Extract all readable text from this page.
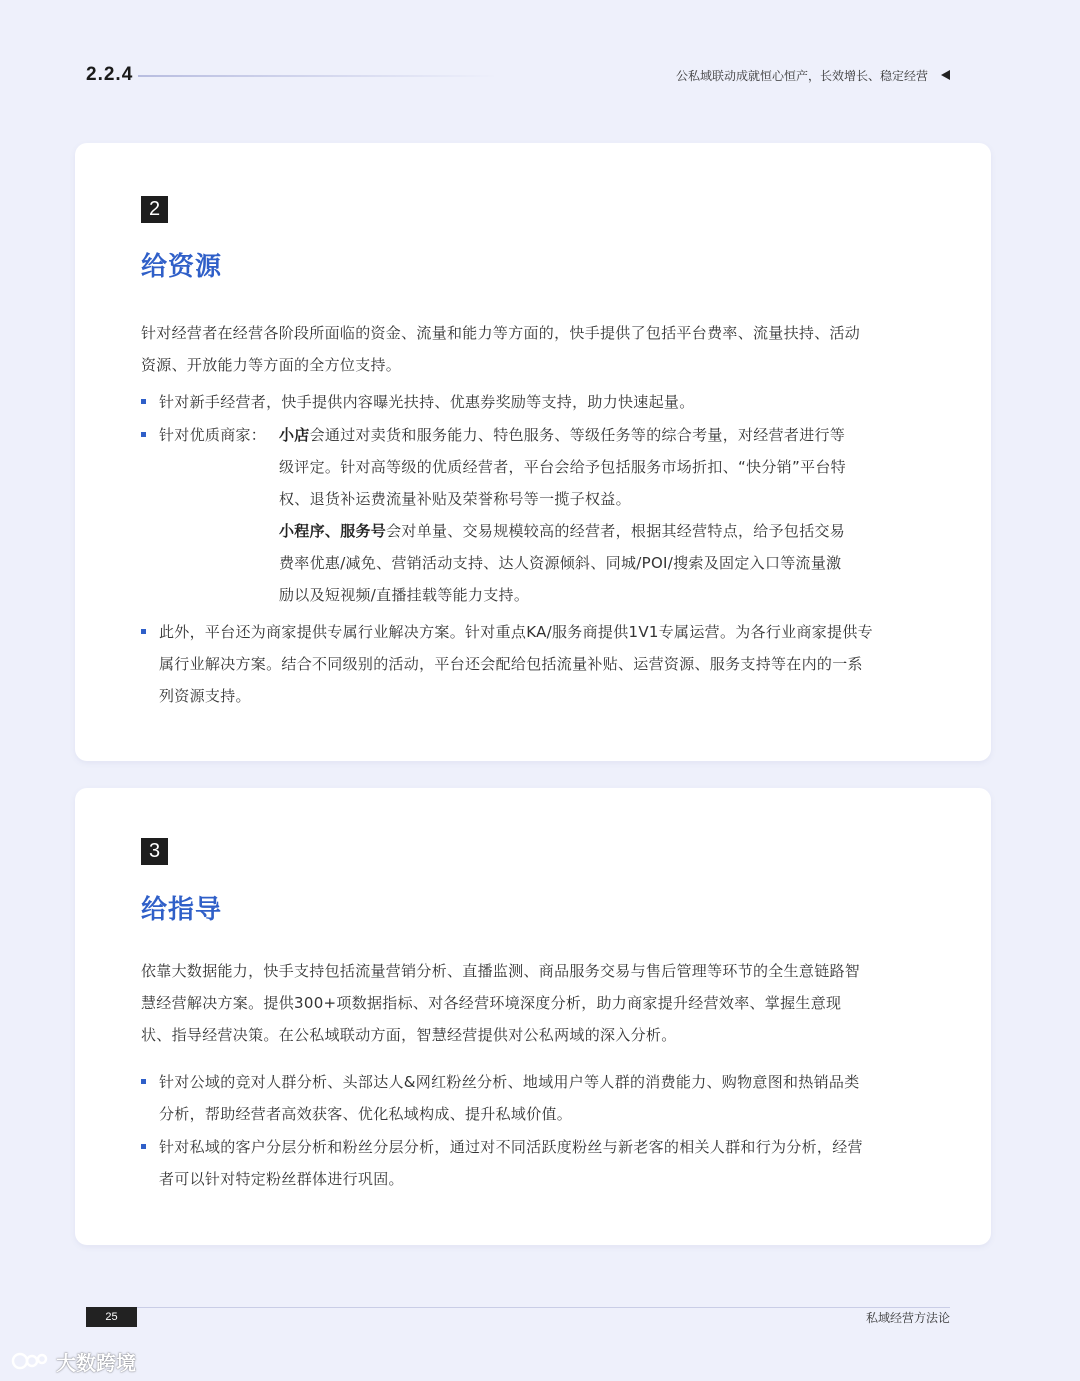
2.2.4	公私域联动成就恒心恒产，长效增长、稳定经营
2
给资源
针对经营者在经营各阶段所面临的资金、流量和能力等方面的，快手提供了包括平台费率、流量扶持、活动
资源、开放能力等方面的全方位支持。
针对新手经营者，快手提供内容曝光扶持、优惠券奖励等支持，助力快速起量。
针对优质商家： 小店会通过对卖货和服务能力、特色服务、等级任务等的综合考量，对经营者进行等
级评定。针对高等级的优质经营者，平台会给予包括服务市场折扣、“快分销”平台特
权、退货补运费流量补贴及荣誉称号等一揽子权益。
小程序、服务号会对单量、交易规模较高的经营者，根据其经营特点，给予包括交易
费率优惠/减免、营销活动支持、达人资源倾斜、同城/POI/搜索及固定入口等流量激
励以及短视频/直播挂载等能力支持。
此外，平台还为商家提供专属行业解决方案。针对重点KA/服务商提供1V1专属运营。为各行业商家提供专
属行业解决方案。结合不同级别的活动，平台还会配给包括流量补贴、运营资源、服务支持等在内的一系
列资源支持。
3
给指导
依靠大数据能力，快手支持包括流量营销分析、直播监测、商品服务交易与售后管理等环节的全生意链路智
慧经营解决方案。提供300+项数据指标、对各经营环境深度分析，助力商家提升经营效率、掌握生意现
状、指导经营决策。在公私域联动方面，智慧经营提供对公私两域的深入分析。
针对公域的竞对人群分析、头部达人&网红粉丝分析、地域用户等人群的消费能力、购物意图和热销品类
分析，帮助经营者高效获客、优化私域构成、提升私域价值。
针对私域的客户分层分析和粉丝分层分析，通过对不同活跃度粉丝与新老客的相关人群和行为分析，经营
者可以针对特定粉丝群体进行巩固。
25	私域经营方法论
大数跨境
